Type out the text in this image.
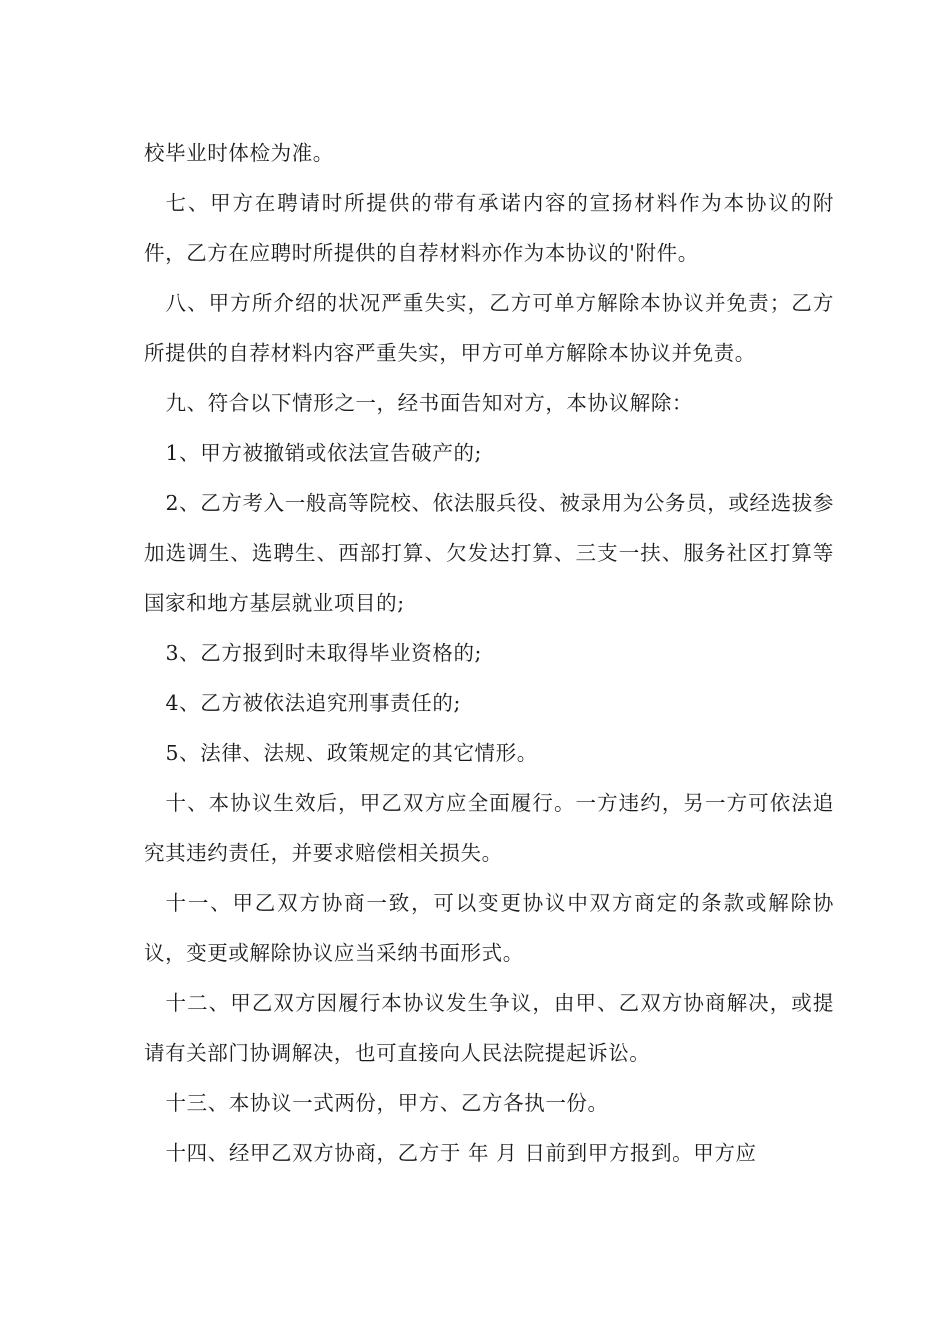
校毕业时体检为准。

七、甲方在聘请时所提供的带有承诺内容的宣扬材料作为本协议的附件，乙方在应聘时所提供的自荐材料亦作为本协议的'附件。

八、甲方所介绍的状况严重失实，乙方可单方解除本协议并免责；乙方所提供的自荐材料内容严重失实，甲方可单方解除本协议并免责。

九、符合以下情形之一，经书面告知对方，本协议解除：

1、甲方被撤销或依法宣告破产的;

2、乙方考入一般高等院校、依法服兵役、被录用为公务员，或经选拔参加选调生、选聘生、西部打算、欠发达打算、三支一扶、服务社区打算等国家和地方基层就业项目的;

3、乙方报到时未取得毕业资格的;

4、乙方被依法追究刑事责任的;

5、法律、法规、政策规定的其它情形。

十、本协议生效后，甲乙双方应全面履行。一方违约，另一方可依法追究其违约责任，并要求赔偿相关损失。

十一、甲乙双方协商一致，可以变更协议中双方商定的条款或解除协议，变更或解除协议应当采纳书面形式。

十二、甲乙双方因履行本协议发生争议，由甲、乙双方协商解决，或提请有关部门协调解决，也可直接向人民法院提起诉讼。

十三、本协议一式两份，甲方、乙方各执一份。

十四、经甲乙双方协商，乙方于 年 月 日前到甲方报到。甲方应
